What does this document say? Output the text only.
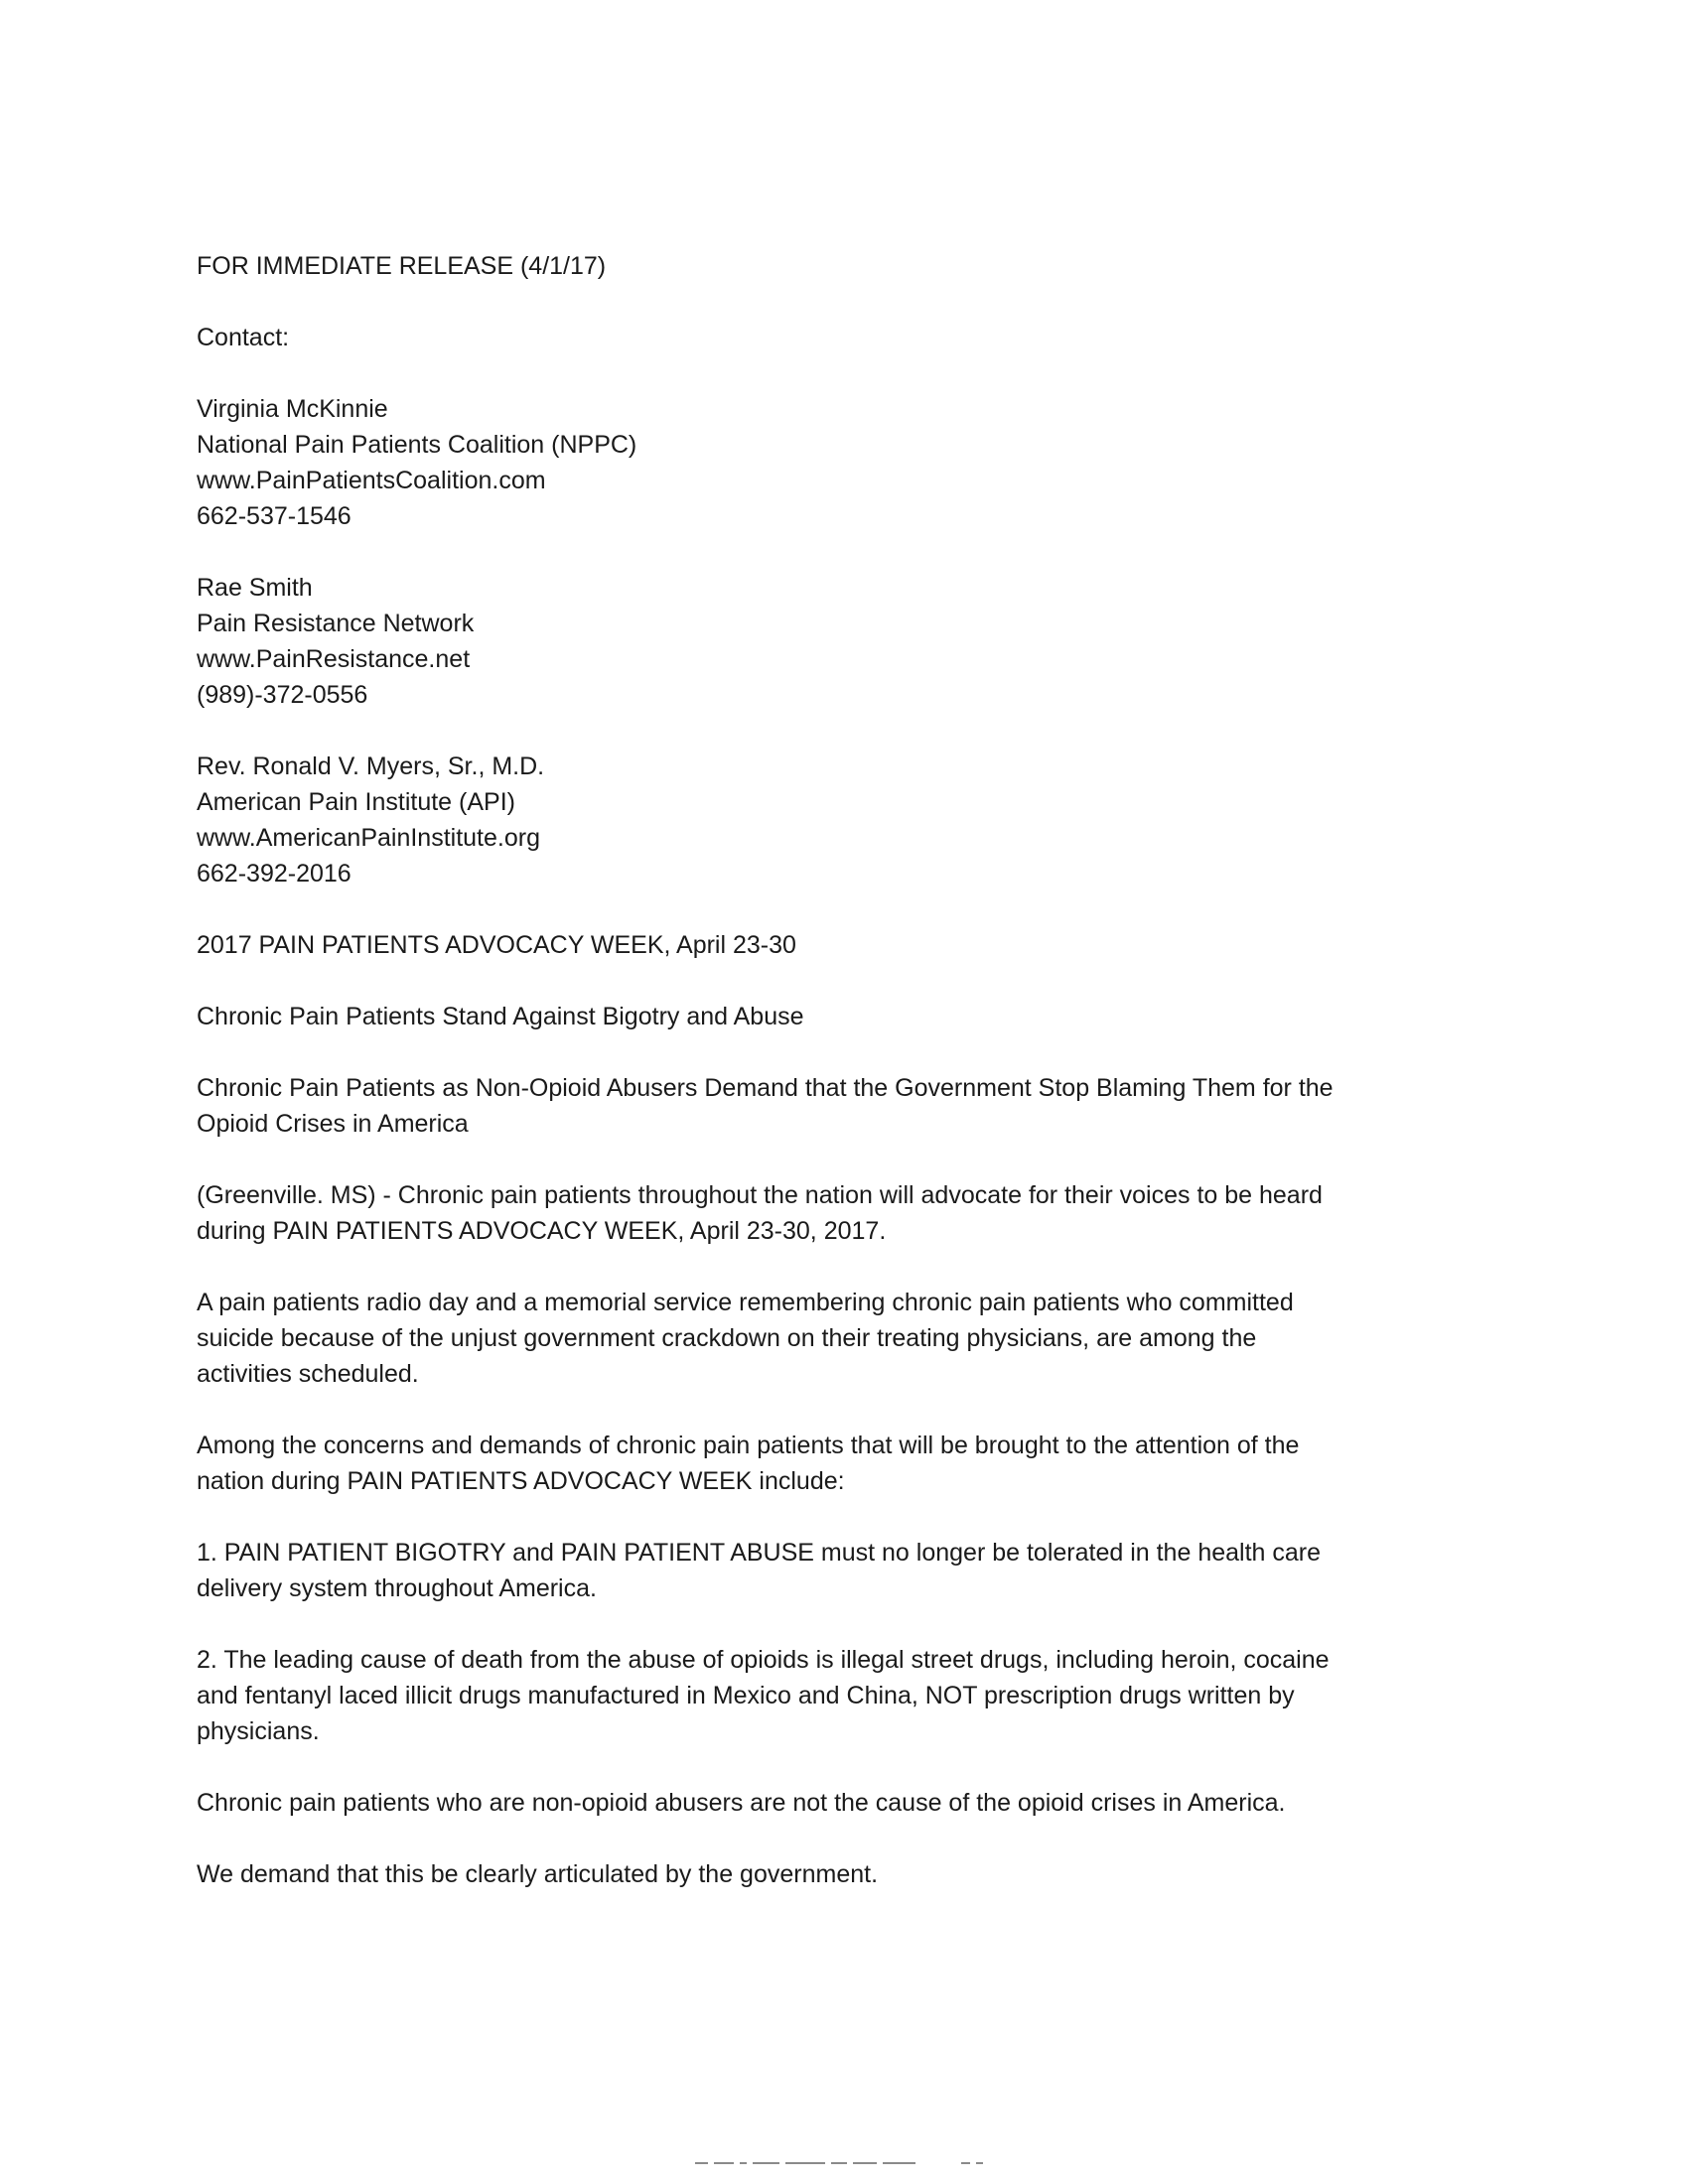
FOR IMMEDIATE RELEASE (4/1/17)

Contact:

Virginia McKinnie
National Pain Patients Coalition (NPPC)
www.PainPatientsCoalition.com
662-537-1546

Rae Smith
Pain Resistance Network
www.PainResistance.net
(989)-372-0556

Rev. Ronald V. Myers, Sr., M.D.
American Pain Institute (API)
www.AmericanPainInstitute.org
662-392-2016

2017 PAIN PATIENTS ADVOCACY WEEK, April 23-30

Chronic Pain Patients Stand Against Bigotry and Abuse

Chronic Pain Patients as Non-Opioid Abusers Demand that the Government Stop Blaming Them for the
Opioid Crises in America

(Greenville. MS) - Chronic pain patients throughout the nation will advocate for their voices to be heard
during PAIN PATIENTS ADVOCACY WEEK, April 23-30, 2017.

A pain patients radio day and a memorial service remembering chronic pain patients who committed
suicide because of the unjust government crackdown on their treating physicians, are among the
activities scheduled.

Among the concerns and demands of chronic pain patients that will be brought to the attention of the
nation during PAIN PATIENTS ADVOCACY WEEK include:

1. PAIN PATIENT BIGOTRY and PAIN PATIENT ABUSE must no longer be tolerated in the health care
delivery system throughout America.

2. The leading cause of death from the abuse of opioids is illegal street drugs, including heroin, cocaine
and fentanyl laced illicit drugs manufactured in Mexico and China, NOT prescription drugs written by
physicians.

Chronic pain patients who are non-opioid abusers are not the cause of the opioid crises in America.

We demand that this be clearly articulated by the government.
